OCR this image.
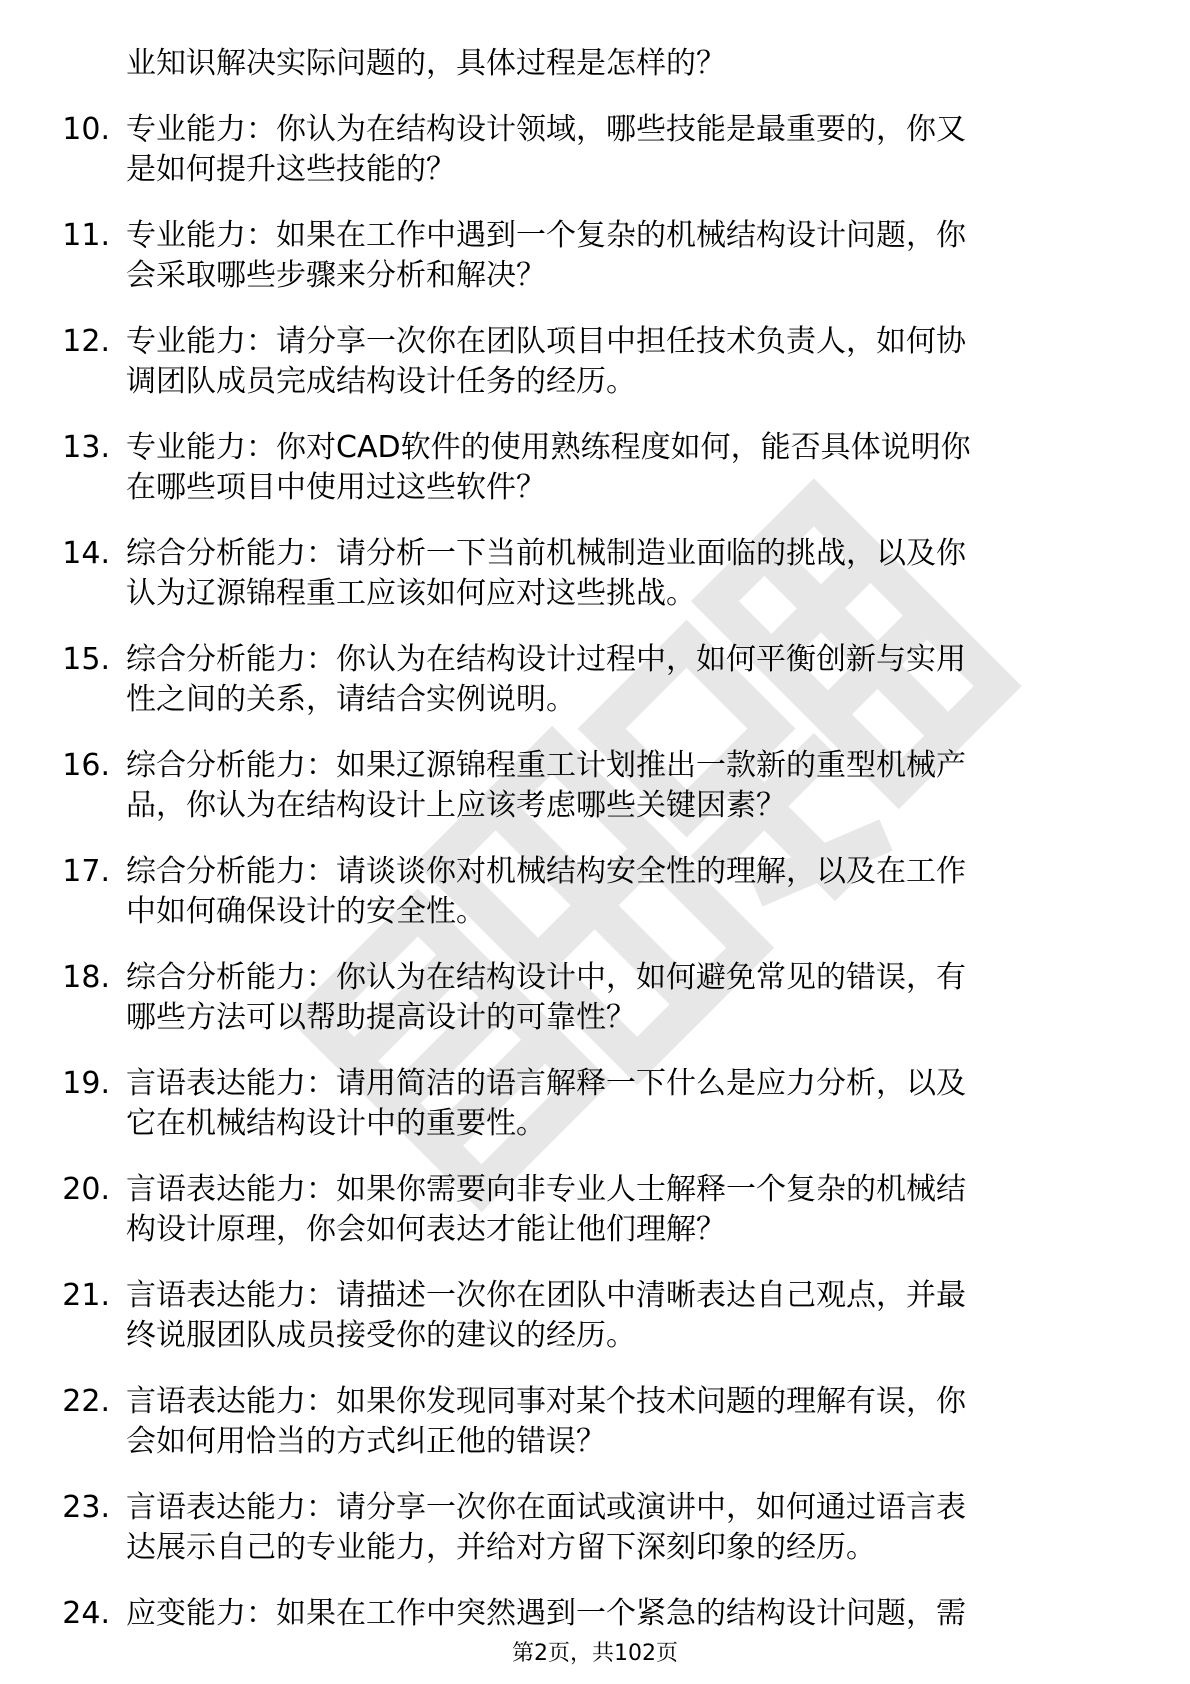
业知识解决实际问题的，具体过程是怎样的？
10. 专业能力：你认为在结构设计领域，哪些技能是最重要的，你又
是如何提升这些技能的？
11. 专业能力：如果在工作中遇到一个复杂的机械结构设计问题，你
会采取哪些步骤来分析和解决？
12. 专业能力：请分享一次你在团队项目中担任技术负责人，如何协
调团队成员完成结构设计任务的经历。
13. 专业能力：你对CAD软件的使用熟练程度如何，能否具体说明你
在哪些项目中使用过这些软件？
14. 综合分析能力：请分析一下当前机械制造业面临的挑战，以及你
认为辽源锦程重工应该如何应对这些挑战。
15. 综合分析能力：你认为在结构设计过程中，如何平衡创新与实用
性之间的关系，请结合实例说明。
16. 综合分析能力：如果辽源锦程重工计划推出一款新的重型机械产
品，你认为在结构设计上应该考虑哪些关键因素？
17. 综合分析能力：请谈谈你对机械结构安全性的理解，以及在工作
中如何确保设计的安全性。
18. 综合分析能力：你认为在结构设计中，如何避免常见的错误，有
哪些方法可以帮助提高设计的可靠性？
19. 言语表达能力：请用简洁的语言解释一下什么是应力分析，以及
它在机械结构设计中的重要性。
20. 言语表达能力：如果你需要向非专业人士解释一个复杂的机械结
构设计原理，你会如何表达才能让他们理解？
21. 言语表达能力：请描述一次你在团队中清晰表达自己观点，并最
终说服团队成员接受你的建议的经历。
22. 言语表达能力：如果你发现同事对某个技术问题的理解有误，你
会如何用恰当的方式纠正他的错误？
23. 言语表达能力：请分享一次你在面试或演讲中，如何通过语言表
达展示自己的专业能力，并给对方留下深刻印象的经历。
24. 应变能力：如果在工作中突然遇到一个紧急的结构设计问题，需
第2页，共102页
